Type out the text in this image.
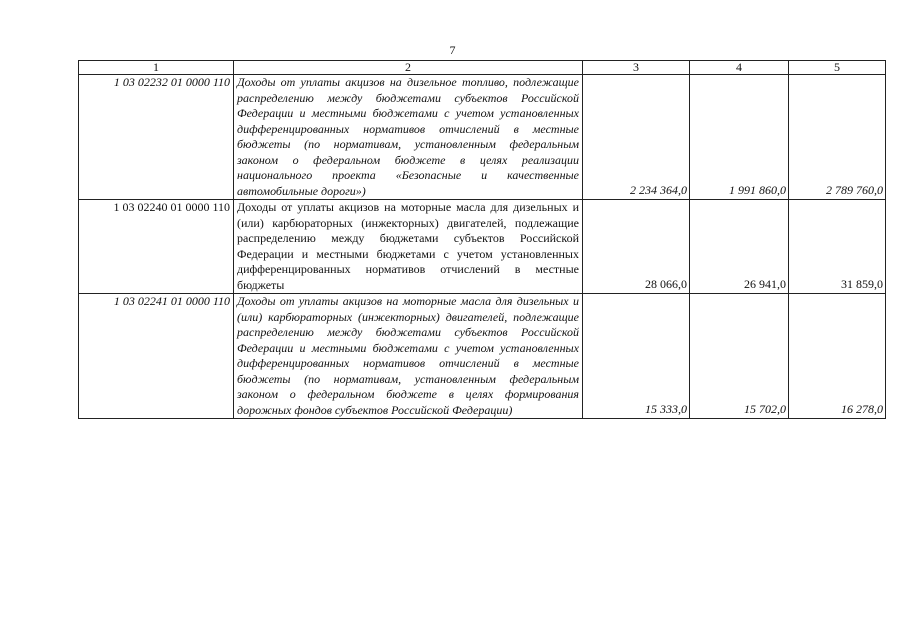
7
1	2	3	4	5
1 03 02232 01 0000 110	Доходы от уплаты акцизов на дизельное топливо, подлежащие распределению между бюджетами субъектов Российской Федерации и местными бюджетами с учетом установленных дифференцированных нормативов отчислений в местные бюджеты (по нормативам, установленным федеральным законом о федеральном бюджете в целях реализации национального проекта «Безопасные и качественные автомобильные дороги»)	2 234 364,0	1 991 860,0	2 789 760,0
1 03 02240 01 0000 110	Доходы от уплаты акцизов на моторные масла для дизельных и (или) карбюраторных (инжекторных) двигателей, подлежащие распределению между бюджетами субъектов Российской Федерации и местными бюджетами с учетом установленных дифференцированных нормативов отчислений в местные бюджеты	28 066,0	26 941,0	31 859,0
1 03 02241 01 0000 110	Доходы от уплаты акцизов на моторные масла для дизельных и (или) карбюраторных (инжекторных) двигателей, подлежащие распределению между бюджетами субъектов Российской Федерации и местными бюджетами с учетом установленных дифференцированных нормативов отчислений в местные бюджеты (по нормативам, установленным федеральным законом о федеральном бюджете в целях формирования дорожных фондов субъектов Российской Федерации)	15 333,0	15 702,0	16 278,0
